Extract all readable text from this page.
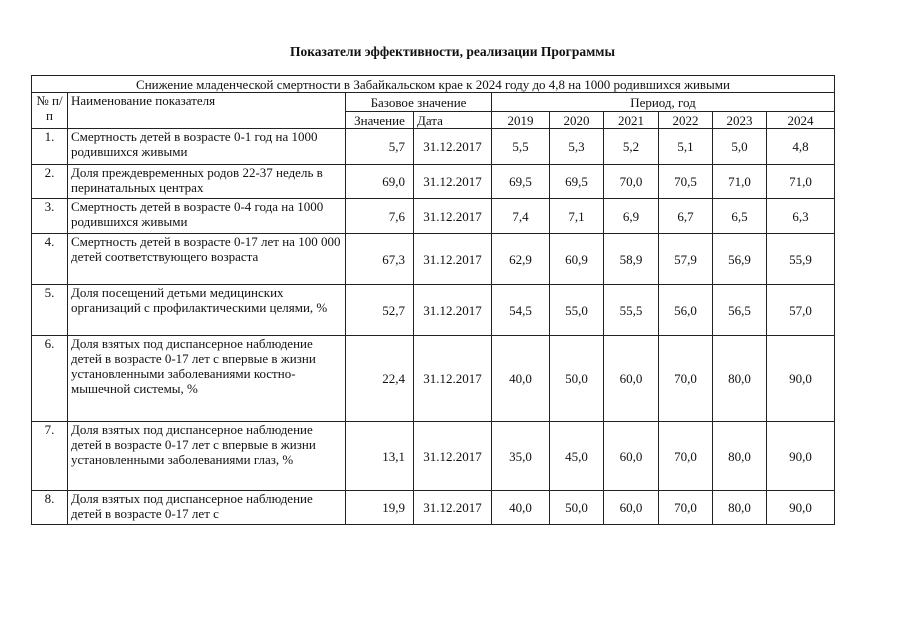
Показатели эффективности, реализации Программы
Снижение младенческой смертности в Забайкальском крае к 2024 году до 4,8 на 1000 родившихся живыми									
№ п/п	Наименование показателя	Базовое значение		Период, год					
		Значение	Дата	2019	2020	2021	2022	2023	2024
1.	Смертность детей в возрасте 0-1 год на 1000 родившихся живыми	5,7	31.12.2017	5,5	5,3	5,2	5,1	5,0	4,8
2.	Доля преждевременных родов 22-37 недель в перинатальных центрах	69,0	31.12.2017	69,5	69,5	70,0	70,5	71,0	71,0
3.	Смертность детей в возрасте 0-4 года на 1000 родившихся живыми	7,6	31.12.2017	7,4	7,1	6,9	6,7	6,5	6,3
4.	Смертность детей в возрасте 0-17 лет на 100 000 детей соответствующего возраста	67,3	31.12.2017	62,9	60,9	58,9	57,9	56,9	55,9
5.	Доля посещений детьми медицинских организаций с профилактическими целями, %	52,7	31.12.2017	54,5	55,0	55,5	56,0	56,5	57,0
6.	Доля взятых под диспансерное наблюдение детей в возрасте 0-17 лет с впервые в жизни установленными заболеваниями костно-мышечной системы, %	22,4	31.12.2017	40,0	50,0	60,0	70,0	80,0	90,0
7.	Доля взятых под диспансерное наблюдение детей в возрасте 0-17 лет с впервые в жизни установленными заболеваниями глаз, %	13,1	31.12.2017	35,0	45,0	60,0	70,0	80,0	90,0
8.	Доля взятых под диспансерное наблюдение детей в возрасте 0-17 лет с	19,9	31.12.2017	40,0	50,0	60,0	70,0	80,0	90,0
